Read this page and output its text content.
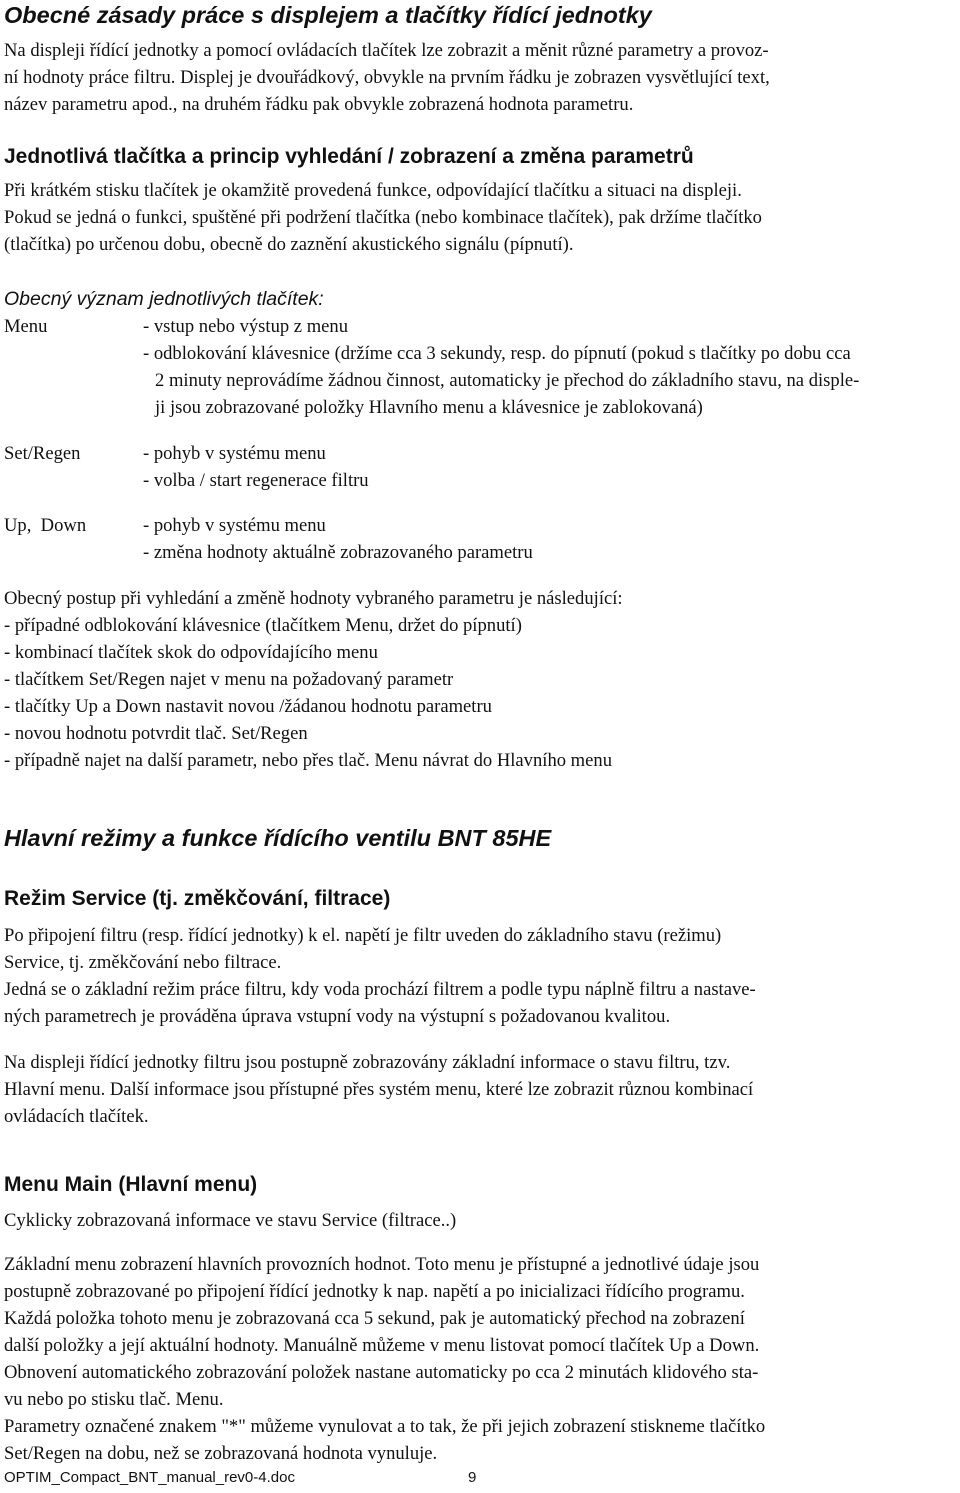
Obecné zásady práce s displejem a tlačítky řídící jednotky
Na displeji řídící jednotky a pomocí ovládacích tlačítek lze zobrazit a měnit různé parametry a provoz-
ní hodnoty práce filtru. Displej je dvouřádkový, obvykle na prvním řádku je zobrazen vysvětlující text,
název parametru apod., na druhém řádku pak obvykle zobrazená hodnota parametru.
Jednotlivá tlačítka a princip vyhledání / zobrazení a změna parametrů
Při krátkém stisku tlačítek je okamžitě provedená funkce, odpovídající tlačítku a situaci na displeji.
Pokud se jedná o funkci, spuštěné při podržení tlačítka (nebo kombinace tlačítek), pak držíme tlačítko
(tlačítka) po určenou dobu, obecně do zaznění akustického signálu (pípnutí).
Obecný význam jednotlivých tlačítek:
Menu	- vstup nebo výstup z menu
- odblokování klávesnice (držíme cca 3 sekundy, resp. do pípnutí (pokud s tlačítky po dobu cca
2 minuty neprovádíme žádnou činnost, automaticky je přechod do základního stavu, na disple-
ji jsou zobrazované položky Hlavního menu a klávesnice je zablokovaná)
Set/Regen	- pohyb v systému menu
- volba / start regenerace filtru
Up,  Down	- pohyb v systému menu
- změna hodnoty aktuálně zobrazovaného parametru
Obecný postup při vyhledání a změně hodnoty vybraného parametru je následující:
- případné odblokování klávesnice (tlačítkem Menu, držet do pípnutí)
- kombinací tlačítek skok do odpovídajícího menu
- tlačítkem Set/Regen najet v menu na požadovaný parametr
- tlačítky Up a Down nastavit novou /žádanou hodnotu parametru
- novou hodnotu potvrdit tlač. Set/Regen
- případně najet na další parametr, nebo přes tlač. Menu návrat do Hlavního menu
Hlavní režimy a funkce řídícího ventilu BNT 85HE
Režim Service (tj. změkčování, filtrace)
Po připojení filtru (resp. řídící jednotky) k el. napětí je filtr uveden do základního stavu (režimu)
Service, tj. změkčování nebo filtrace.
Jedná se o základní režim práce filtru, kdy voda prochází filtrem a podle typu náplně filtru a nastave-
ných parametrech je prováděna úprava vstupní vody na výstupní s požadovanou kvalitou.
Na displeji řídící jednotky filtru jsou postupně zobrazovány základní informace o stavu filtru, tzv.
Hlavní menu. Další informace jsou přístupné přes systém menu, které lze zobrazit různou kombinací
ovládacích tlačítek.
Menu Main (Hlavní menu)
Cyklicky zobrazovaná informace ve stavu Service (filtrace..)
Základní menu zobrazení hlavních provozních hodnot. Toto menu je přístupné a jednotlivé údaje jsou
postupně zobrazované po připojení řídící jednotky k nap. napětí a po inicializaci řídícího programu.
Každá položka tohoto menu je zobrazovaná cca 5 sekund, pak je automatický přechod na zobrazení
další položky a její aktuální hodnoty. Manuálně můžeme v menu listovat pomocí tlačítek Up a Down.
Obnovení automatického zobrazování položek nastane automaticky po cca 2 minutách klidového sta-
vu nebo po stisku tlač. Menu.
Parametry označené znakem "*" můžeme vynulovat a to tak, že při jejich zobrazení stiskneme tlačítko
Set/Regen na dobu, než se zobrazovaná hodnota vynuluje.
OPTIM_Compact_BNT_manual_rev0-4.doc	9
